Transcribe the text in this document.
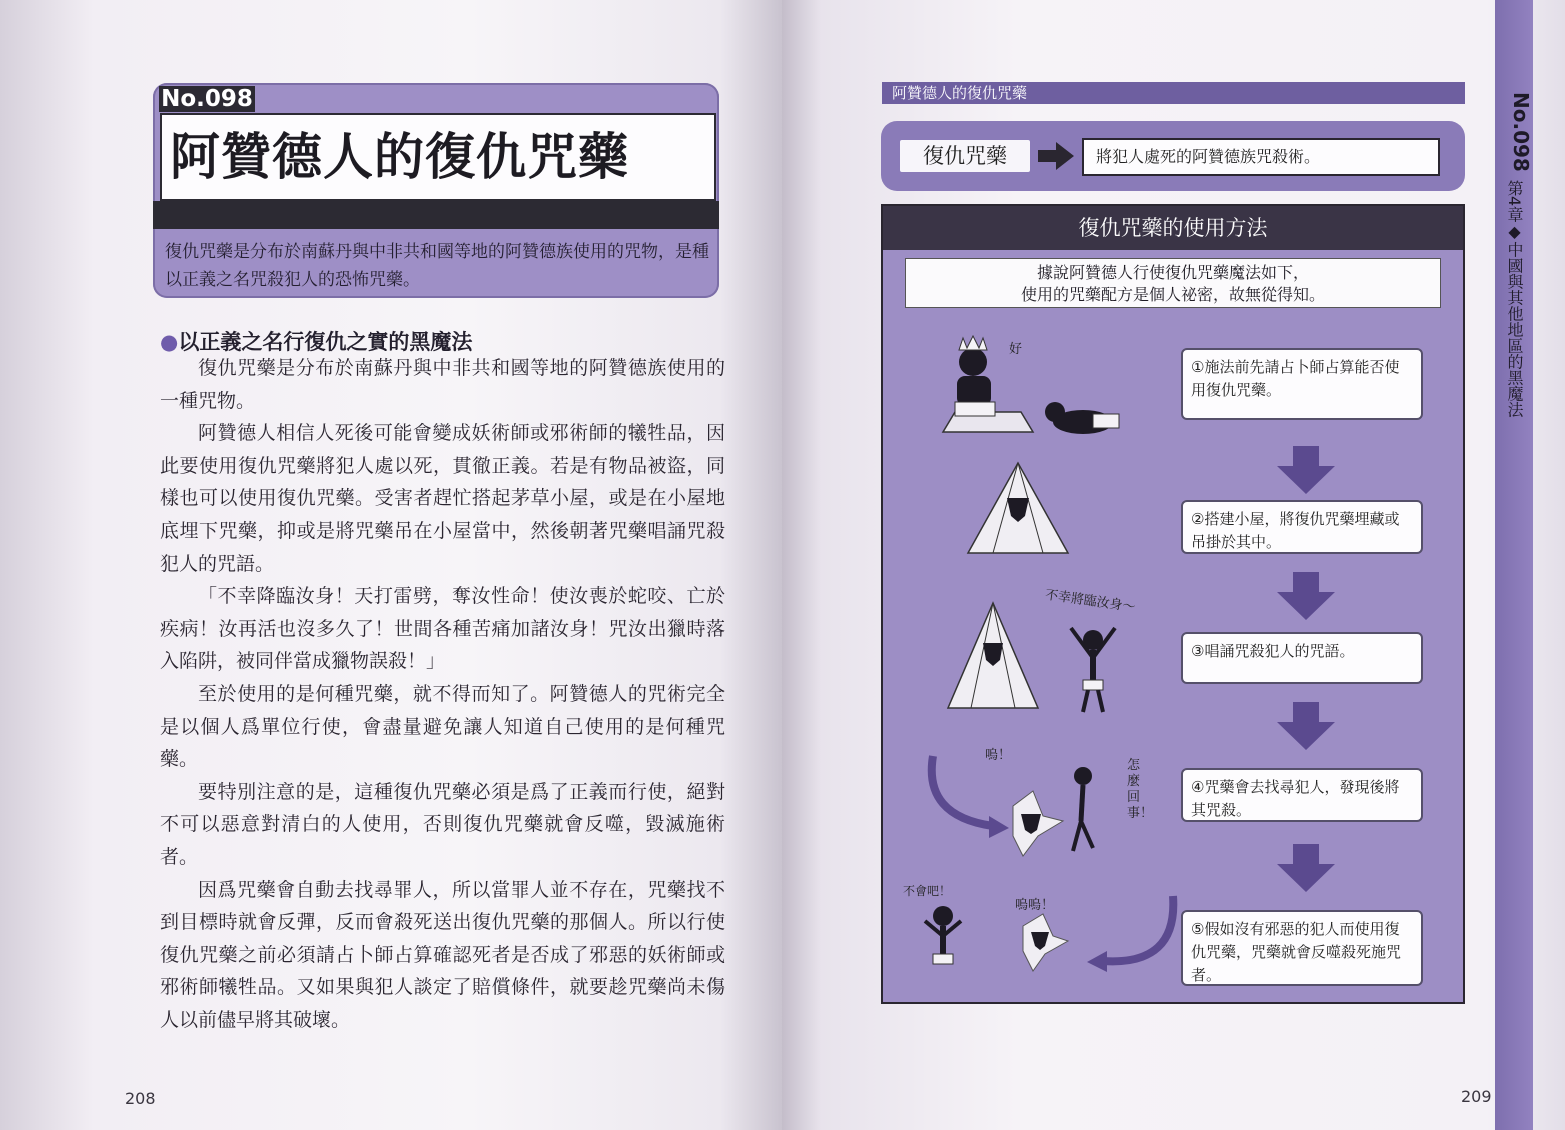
No.098
阿贊德人的復仇咒藥
復仇咒藥是分布於南蘇丹與中非共和國等地的阿贊德族使用的咒物，是種以正義之名咒殺犯人的恐怖咒藥。
●以正義之名行復仇之實的黑魔法

復仇咒藥是分布於南蘇丹與中非共和國等地的阿贊德族使用的一種咒物。

阿贊德人相信人死後可能會變成妖術師或邪術師的犧牲品，因此要使用復仇咒藥將犯人處以死，貫徹正義。若是有物品被盜，同樣也可以使用復仇咒藥。受害者趕忙搭起茅草小屋，或是在小屋地底埋下咒藥，抑或是將咒藥吊在小屋當中，然後朝著咒藥唱誦咒殺犯人的咒語。

「不幸降臨汝身！天打雷劈，奪汝性命！使汝喪於蛇咬、亡於疾病！汝再活也沒多久了！世間各種苦痛加諸汝身！咒汝出獵時落入陷阱，被同伴當成獵物誤殺！」

至於使用的是何種咒藥，就不得而知了。阿贊德人的咒術完全是以個人爲單位行使，會盡量避免讓人知道自己使用的是何種咒藥。

要特別注意的是，這種復仇咒藥必須是爲了正義而行使，絕對不可以惡意對清白的人使用，否則復仇咒藥就會反噬，毀滅施術者。

因爲咒藥會自動去找尋罪人，所以當罪人並不存在，咒藥找不到目標時就會反彈，反而會殺死送出復仇咒藥的那個人。所以行使復仇咒藥之前必須請占卜師占算確認死者是否成了邪惡的妖術師或邪術師犧牲品。又如果與犯人談定了賠償條件，就要趁咒藥尚未傷人以前儘早將其破壞。

208
阿贊德人的復仇咒藥
復仇咒藥	將犯人處死的阿贊德族咒殺術。
復仇咒藥的使用方法
據說阿贊德人行使復仇咒藥魔法如下，
使用的咒藥配方是個人祕密，故無從得知。
①施法前先請占卜師占算能否使用復仇咒藥。
②搭建小屋，將復仇咒藥埋藏或吊掛於其中。
③唱誦咒殺犯人的咒語。
④咒藥會去找尋犯人，發現後將其咒殺。
⑤假如沒有邪惡的犯人而使用復仇咒藥，咒藥就會反噬殺死施咒者。
好
不幸將臨汝身～
嗚！
怎麼回事！
不會吧！
嗚嗚！
No.098
第4章◆中國與其他地區的黑魔法
209
